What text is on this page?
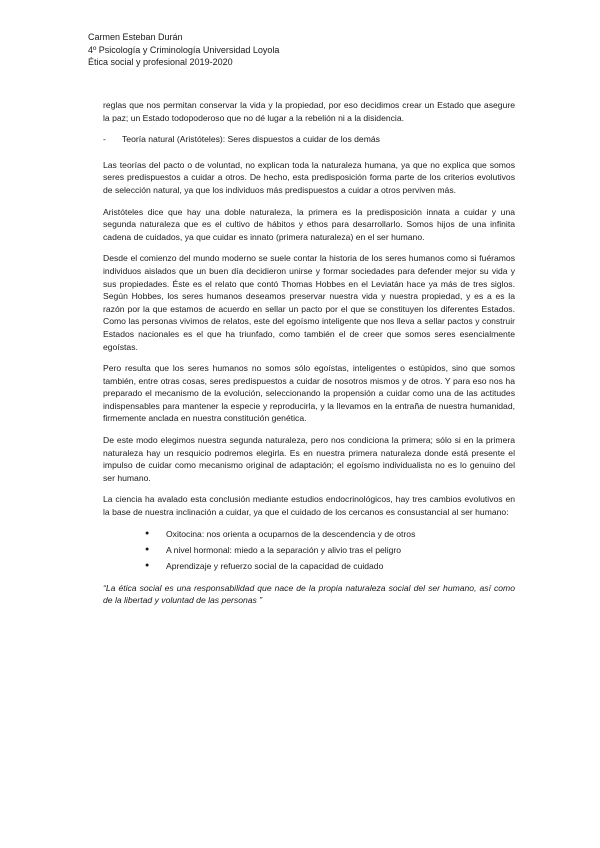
Carmen Esteban Durán
4º Psicología y Criminología Universidad Loyola
Ética social y profesional 2019-2020

reglas que nos permitan conservar la vida y la propiedad, por eso decidimos crear un Estado que asegure la paz; un Estado todopoderoso que no dé lugar a la rebelión ni a la disidencia.

-	Teoría natural (Aristóteles): Seres dispuestos a cuidar de los demás

Las teorías del pacto o de voluntad, no explican toda la naturaleza humana, ya que no explica que somos seres predispuestos a cuidar a otros. De hecho, esta predisposición forma parte de los criterios evolutivos de selección natural, ya que los individuos más predispuestos a cuidar a otros perviven más.

Aristóteles dice que hay una doble naturaleza, la primera es la predisposición innata a cuidar y una segunda naturaleza que es el cultivo de hábitos y ethos para desarrollarlo. Somos hijos de una infinita cadena de cuidados, ya que cuidar es innato (primera naturaleza) en el ser humano.

Desde el comienzo del mundo moderno se suele contar la historia de los seres humanos como si fuéramos individuos aislados que un buen día decidieron unirse y formar sociedades para defender mejor su vida y sus propiedades. Éste es el relato que contó Thomas Hobbes en el Leviatán hace ya más de tres siglos. Según Hobbes, los seres humanos deseamos preservar nuestra vida y nuestra propiedad, y es a es la razón por la que estamos de acuerdo en sellar un pacto por el que se constituyen los diferentes Estados. Como las personas vivimos de relatos, este del egoísmo inteligente que nos lleva a sellar pactos y construir Estados nacionales es el que ha triunfado, como también el de creer que somos seres esencialmente egoístas.

Pero resulta que los seres humanos no somos sólo egoístas, inteligentes o estúpidos, sino que somos también, entre otras cosas, seres predispuestos a cuidar de nosotros mismos y de otros. Y para eso nos ha preparado el mecanismo de la evolución, seleccionando la propensión a cuidar como una de las actitudes indispensables para mantener la especie y reproducirla, y la llevamos en la entraña de nuestra humanidad, firmemente anclada en nuestra constitución genética.

De este modo elegimos nuestra segunda naturaleza, pero nos condiciona la primera; sólo si en la primera naturaleza hay un resquicio podremos elegirla. Es en nuestra primera naturaleza donde está presente el impulso de cuidar como mecanismo original de adaptación; el egoísmo individualista no es lo genuino del ser humano.

La ciencia ha avalado esta conclusión mediante estudios endocrinológicos, hay tres cambios evolutivos en la base de nuestra inclinación a cuidar, ya que el cuidado de los cercanos es consustancial al ser humano:

●	Oxitocina: nos orienta a ocuparnos de la descendencia y de otros
●	A nivel hormonal: miedo a la separación y alivio tras el peligro
●	Aprendizaje y refuerzo social de la capacidad de cuidado

“La ética social es una responsabilidad que nace de la propia naturaleza social del ser humano, así como de la libertad y voluntad de las personas ”
